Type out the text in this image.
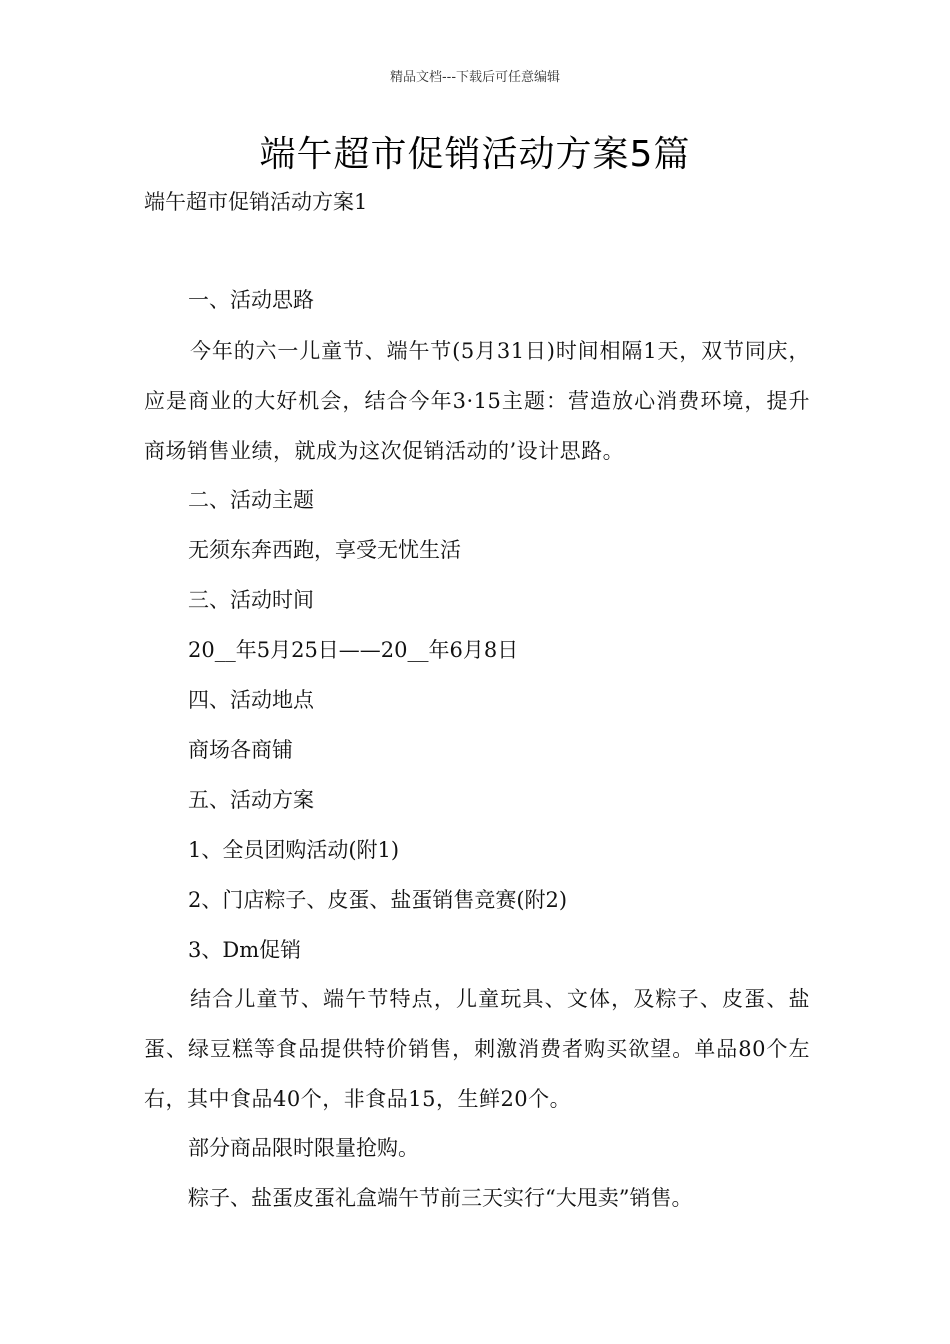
精品文档---下载后可任意编辑
端午超市促销活动方案5篇
端午超市促销活动方案1
一、活动思路
今年的六一儿童节、端午节(5月31日)时间相隔1天，双节同庆，应是商业的大好机会，结合今年3·15主题：营造放心消费环境，提升商场销售业绩，就成为这次促销活动的’设计思路。
二、活动主题
无须东奔西跑，享受无忧生活
三、活动时间
20__年5月25日——20__年6月8日
四、活动地点
商场各商铺
五、活动方案
1、全员团购活动(附1)
2、门店粽子、皮蛋、盐蛋销售竞赛(附2)
3、Dm促销
结合儿童节、端午节特点，儿童玩具、文体，及粽子、皮蛋、盐蛋、绿豆糕等食品提供特价销售，刺激消费者购买欲望。单品80个左右，其中食品40个，非食品15，生鲜20个。
部分商品限时限量抢购。
粽子、盐蛋皮蛋礼盒端午节前三天实行“大甩卖”销售。
